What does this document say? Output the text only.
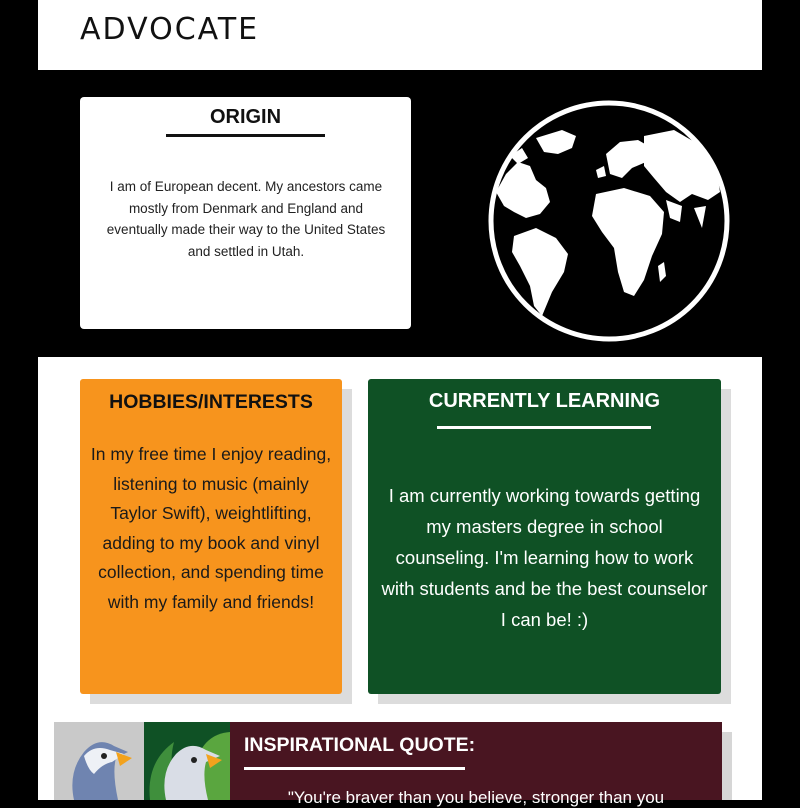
ADVOCATE
ORIGIN
I am of European decent. My ancestors came mostly from Denmark and England and eventually made their way to the United States and settled in Utah.
HOBBIES/INTERESTS
In my free time I enjoy reading, listening to music (mainly Taylor Swift), weightlifting, adding to my book and vinyl collection, and spending time with my family and friends!
CURRENTLY LEARNING
I am currently working towards getting my masters degree in school counseling. I'm learning how to work with students and be the best counselor I can be! :)
INSPIRATIONAL QUOTE:
"You're braver than you believe, stronger than you
